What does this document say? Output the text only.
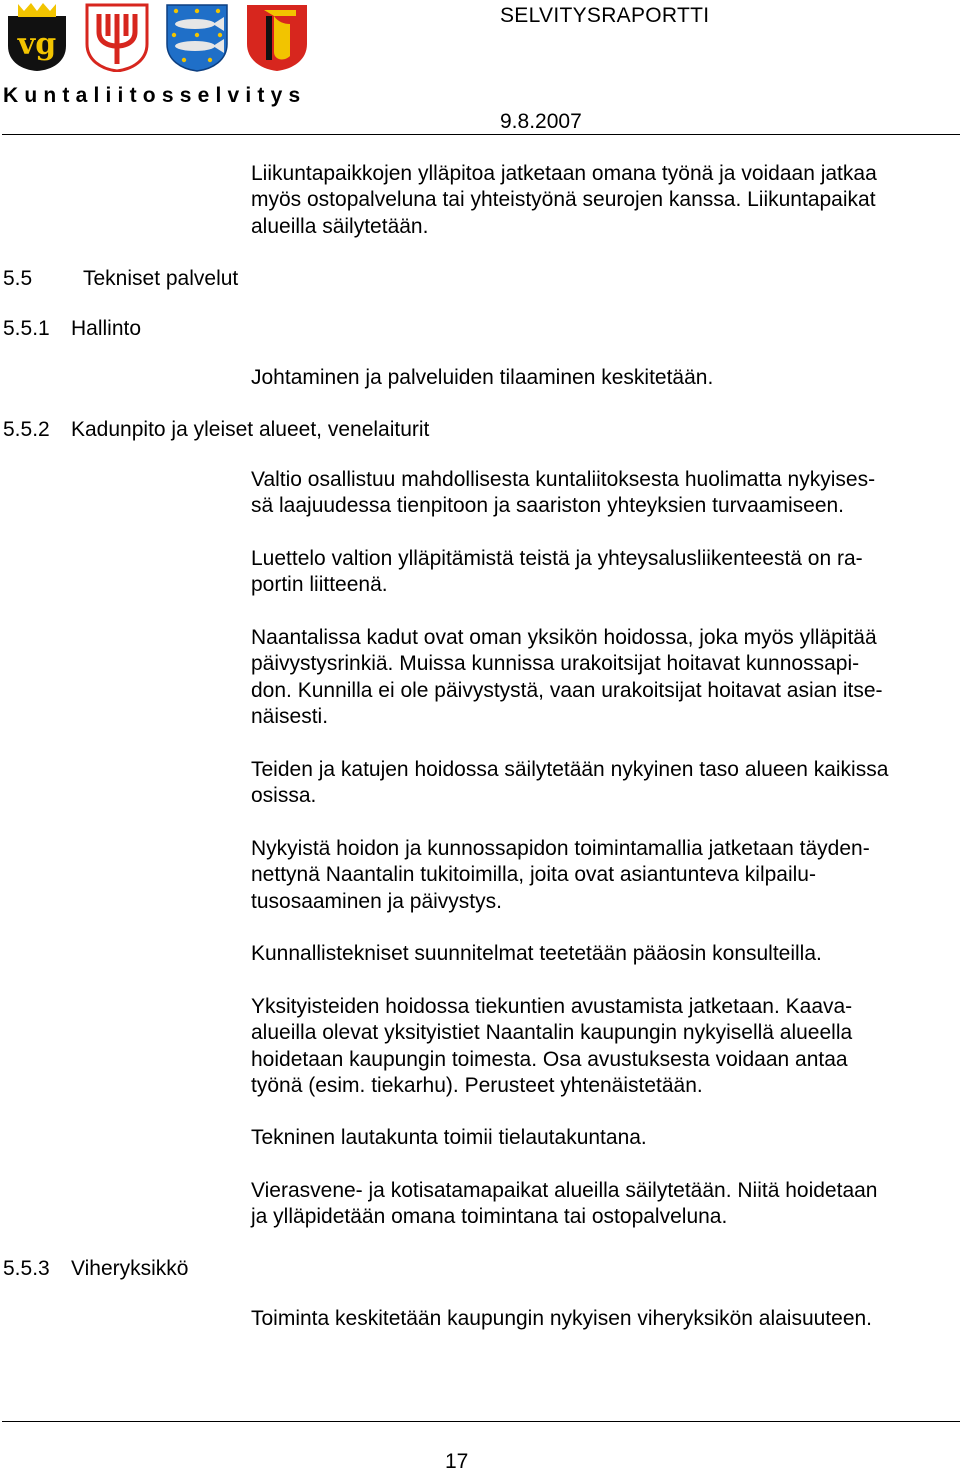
vg
SELVITYSRAPORTTI
Kuntaliitosselvitys
9.8.2007
Liikuntapaikkojen ylläpitoa jatketaan omana työnä ja voidaan jatkaa
myös ostopalveluna tai yhteistyönä seurojen kanssa. Liikuntapaikat
alueilla säilytetään.
5.5 Tekniset palvelut
5.5.1 Hallinto
Johtaminen ja palveluiden tilaaminen keskitetään.
5.5.2 Kadunpito ja yleiset alueet, venelaiturit
Valtio osallistuu mahdollisesta kuntaliitoksesta huolimatta nykyises-
sä laajuudessa tienpitoon ja saariston yhteyksien turvaamiseen.
Luettelo valtion ylläpitämistä teistä ja yhteysalusliikenteestä on ra-
portin liitteenä.
Naantalissa kadut ovat oman yksikön hoidossa, joka myös ylläpitää
päivystysrinkiä. Muissa kunnissa urakoitsijat hoitavat kunnossapi-
don. Kunnilla ei ole päivystystä, vaan urakoitsijat hoitavat asian itse-
näisesti.
Teiden ja katujen hoidossa säilytetään nykyinen taso alueen kaikissa
osissa.
Nykyistä hoidon ja kunnossapidon toimintamallia jatketaan täyden-
nettynä Naantalin tukitoimilla, joita ovat asiantunteva kilpailu-
tusosaaminen ja päivystys.
Kunnallistekniset suunnitelmat teetetään pääosin konsulteilla.
Yksityisteiden hoidossa tiekuntien avustamista jatketaan. Kaava-
alueilla olevat yksityistiet Naantalin kaupungin nykyisellä alueella
hoidetaan kaupungin toimesta. Osa avustuksesta voidaan antaa
työnä (esim. tiekarhu). Perusteet yhtenäistetään.
Tekninen lautakunta toimii tielautakuntana.
Vierasvene- ja kotisatamapaikat alueilla säilytetään. Niitä hoidetaan
ja ylläpidetään omana toimintana tai ostopalveluna.
5.5.3 Viheryksikkö
Toiminta keskitetään kaupungin nykyisen viheryksikön alaisuuteen.
17
